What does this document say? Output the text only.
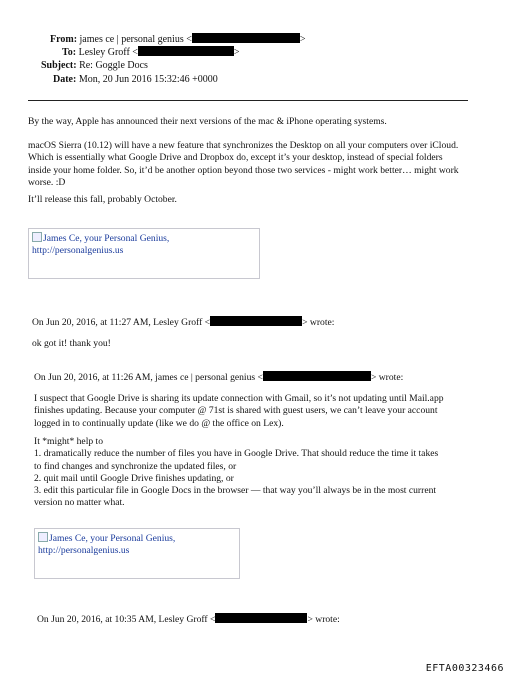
From: james ce | personal genius <	>
To: Lesley Groff <	>
Subject: Re: Goggle Docs
Date: Mon, 20 Jun 2016 15:32:46 +0000

By the way, Apple has announced their next versions of the mac & iPhone operating systems.

macOS Sierra (10.12) will have a new feature that synchronizes the Desktop on all your computers over iCloud.

Which is essentially what Google Drive and Dropbox do, except it’s your desktop, instead of special folders

inside your home folder. So, it’d be another option beyond those two services - might work better… might work

worse. :D

It’ll release this fall, probably October.

James Ce, your Personal Genius,
http://personalgenius.us
On Jun 20, 2016, at 11:27 AM, Lesley Groff <	> wrote:
ok got it! thank you!
On Jun 20, 2016, at 11:26 AM, james ce | personal genius <	> wrote:

I suspect that Google Drive is sharing its update connection with Gmail, so it’s not updating until Mail.app

finishes updating. Because your computer @ 71st is shared with guest users, we can’t leave your account

logged in to continually update (like we do @ the office on Lex).

It *might* help to

1. dramatically reduce the number of files you have in Google Drive. That should reduce the time it takes

to find changes and synchronize the updated files, or

2. quit mail until Google Drive finishes updating, or

3. edit this particular file in Google Docs in the browser — that way you’ll always be in the most current

version no matter what.

James Ce, your Personal Genius,
http://personalgenius.us
On Jun 20, 2016, at 10:35 AM, Lesley Groff <	> wrote:
EFTA00323466
